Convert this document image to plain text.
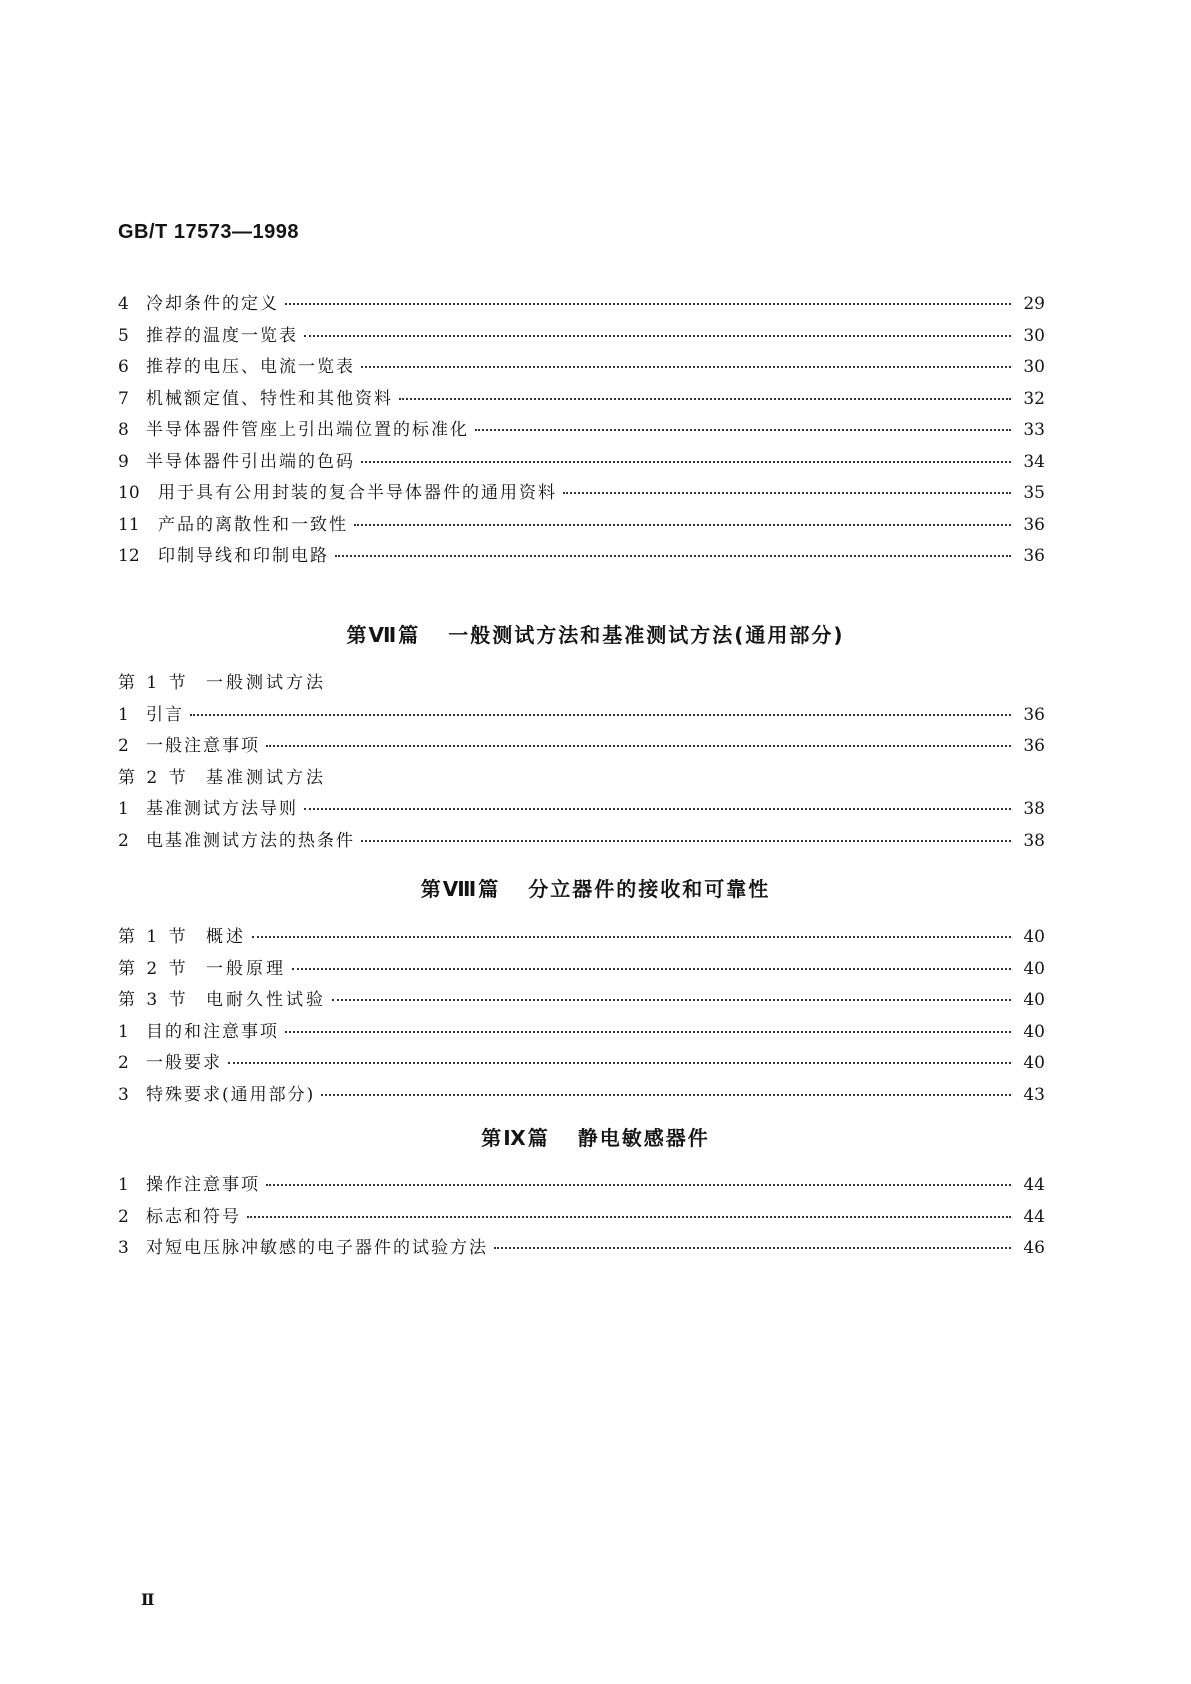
GB/T 17573—1998
4	冷却条件的定义	29
5	推荐的温度一览表	30
6	推荐的电压、电流一览表	30
7	机械额定值、特性和其他资料	32
8	半导体器件管座上引出端位置的标准化	33
9	半导体器件引出端的色码	34
10	用于具有公用封装的复合半导体器件的通用资料	35
11	产品的离散性和一致性	36
12	印制导线和印制电路	36
第Ⅶ篇 一般测试方法和基准测试方法(通用部分)
第 1 节	一般测试方法
1	引言	36
2	一般注意事项	36
第 2 节	基准测试方法
1	基准测试方法导则	38
2	电基准测试方法的热条件	38
第Ⅷ篇 分立器件的接收和可靠性
第 1 节	概述	40
第 2 节	一般原理	40
第 3 节	电耐久性试验	40
1	目的和注意事项	40
2	一般要求	40
3	特殊要求(通用部分)	43
第Ⅸ篇 静电敏感器件
1	操作注意事项	44
2	标志和符号	44
3	对短电压脉冲敏感的电子器件的试验方法	46
Ⅱ
